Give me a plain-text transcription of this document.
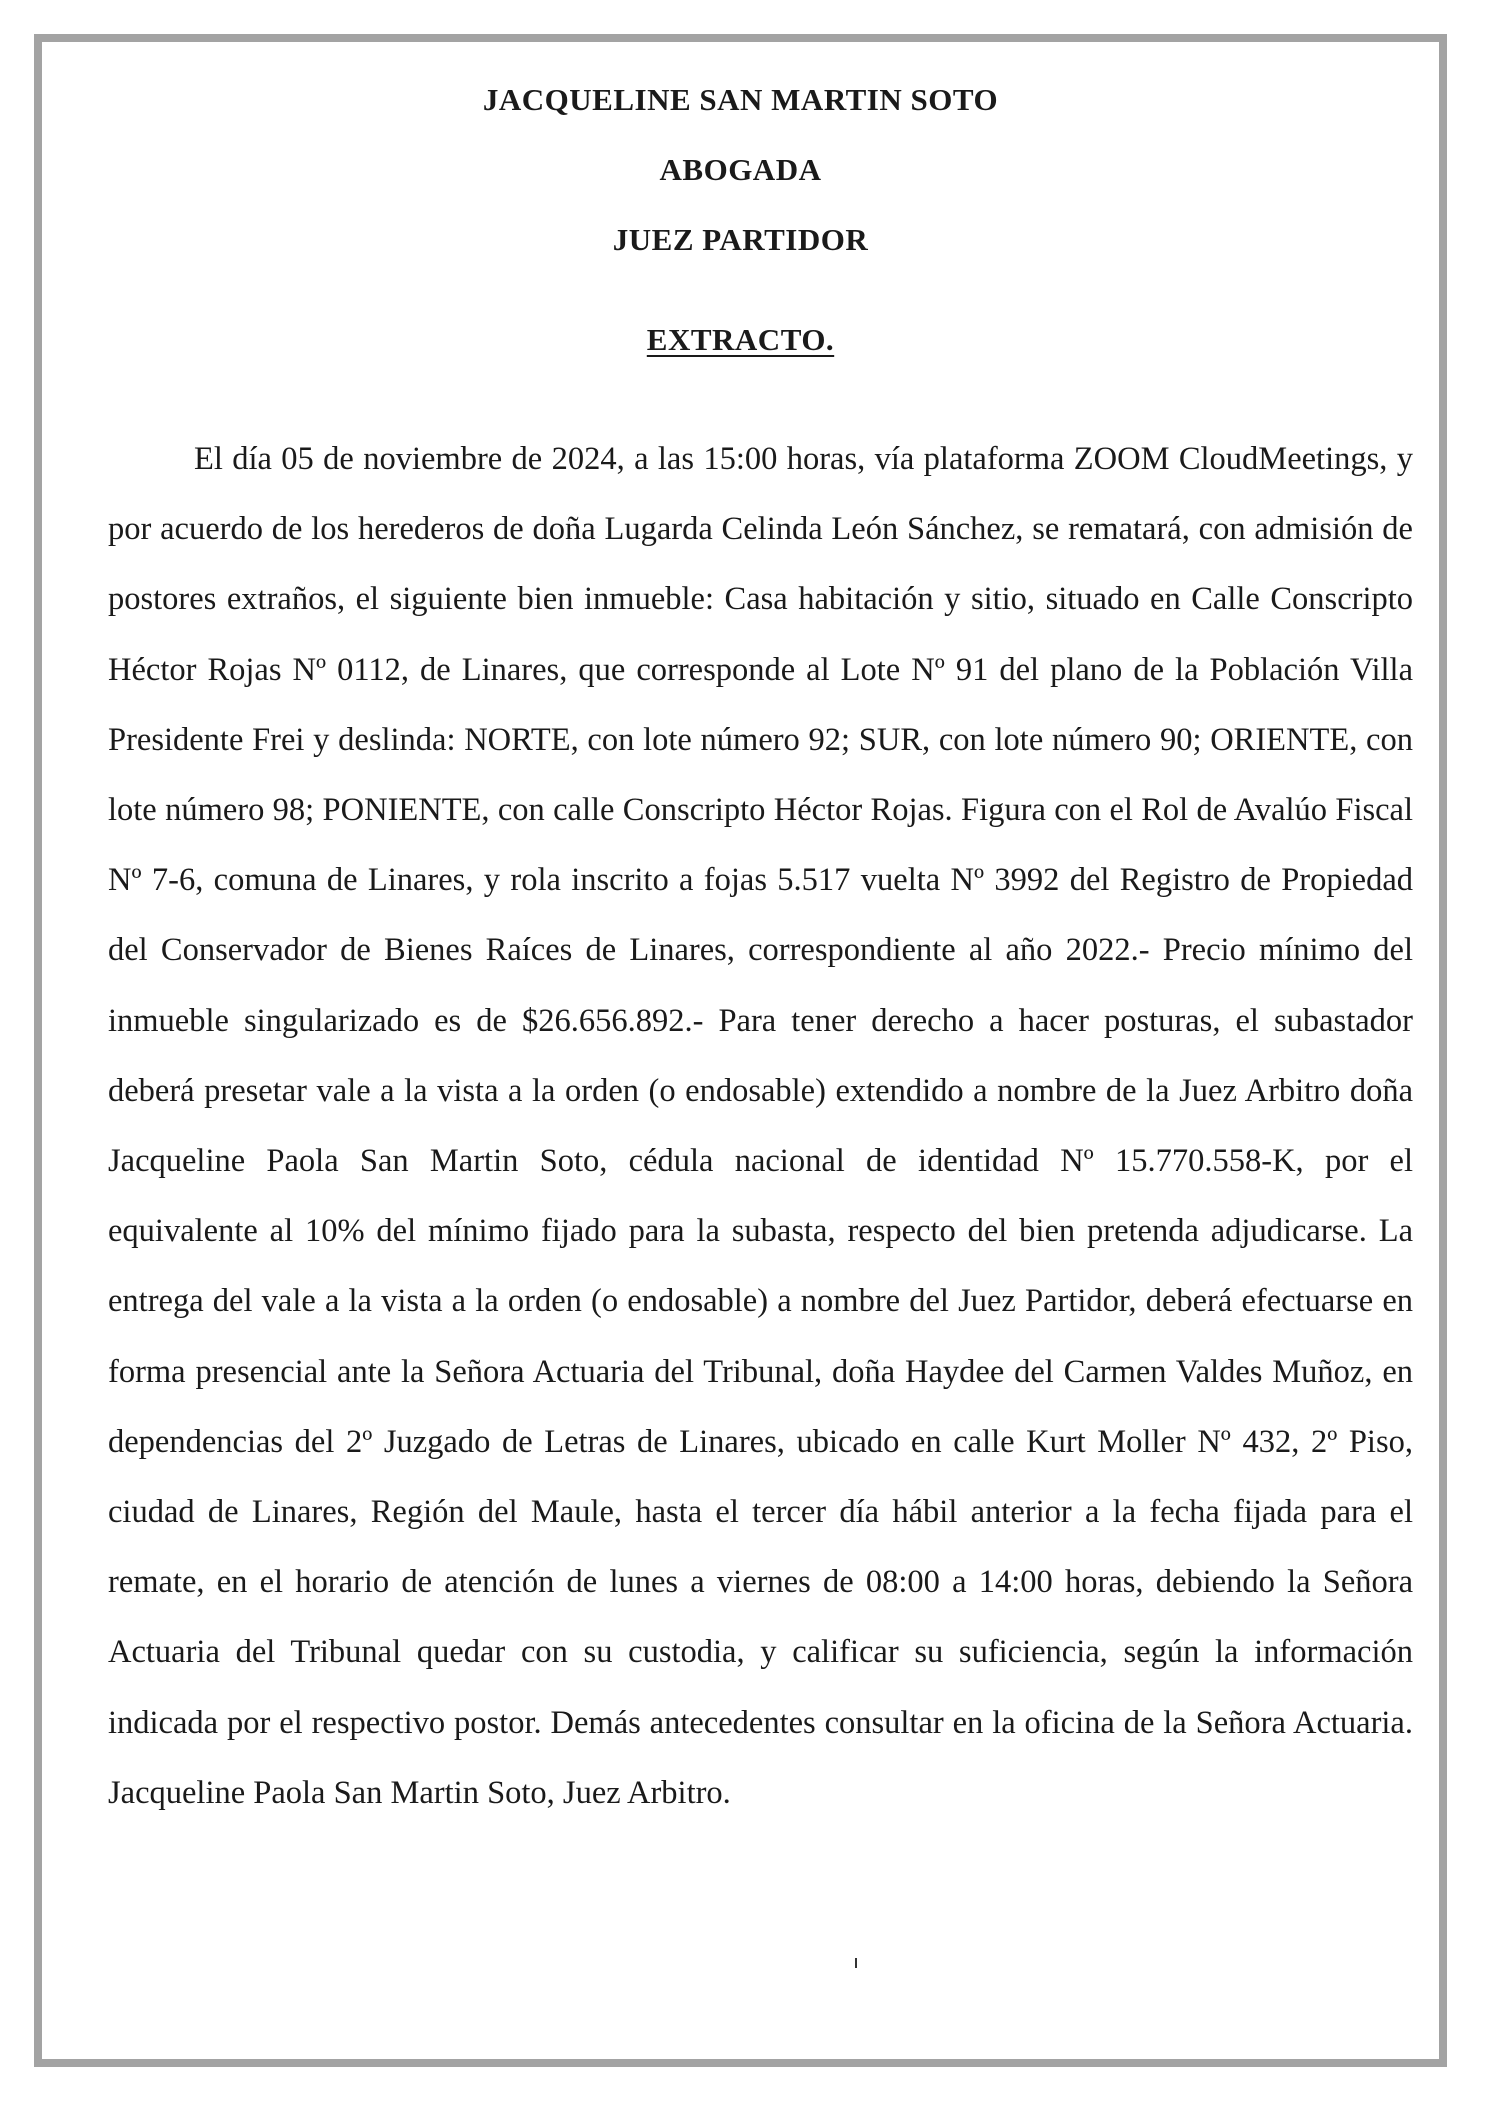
JACQUELINE SAN MARTIN SOTO

ABOGADA

JUEZ PARTIDOR

EXTRACTO.

El día 05 de noviembre de 2024, a las 15:00 horas, vía plataforma ZOOM CloudMeetings, y por acuerdo de los herederos de doña Lugarda Celinda León Sánchez, se rematará, con admisión de postores extraños, el siguiente bien inmueble: Casa habitación y sitio, situado en Calle Conscripto Héctor Rojas Nº 0112, de Linares, que corresponde al Lote Nº 91 del plano de la Población Villa Presidente Frei y deslinda: NORTE, con lote número 92; SUR, con lote número 90; ORIENTE, con lote número 98; PONIENTE, con calle Conscripto Héctor Rojas. Figura con el Rol de Avalúo Fiscal Nº 7-6, comuna de Linares, y rola inscrito a fojas 5.517 vuelta Nº 3992 del Registro de Propiedad del Conservador de Bienes Raíces de Linares, correspondiente al año 2022.- Precio mínimo del inmueble singularizado es de $26.656.892.- Para tener derecho a hacer posturas, el subastador deberá presetar vale a la vista a la orden (o endosable) extendido a nombre de la Juez Arbitro doña Jacqueline Paola San Martin Soto, cédula nacional de identidad Nº 15.770.558-K, por el equivalente al 10% del mínimo fijado para la subasta, respecto del bien pretenda adjudicarse. La entrega del vale a la vista a la orden (o endosable) a nombre del Juez Partidor, deberá efectuarse en forma presencial ante la Señora Actuaria del Tribunal, doña Haydee del Carmen Valdes Muñoz, en dependencias del 2º Juzgado de Letras de Linares, ubicado en calle Kurt Moller Nº 432, 2º Piso, ciudad de Linares, Región del Maule, hasta el tercer día hábil anterior a la fecha fijada para el remate, en el horario de atención de lunes a viernes de 08:00 a 14:00 horas, debiendo la Señora Actuaria del Tribunal quedar con su custodia, y calificar su suficiencia, según la información indicada por el respectivo postor. Demás antecedentes consultar en la oficina de la Señora Actuaria. Jacqueline Paola San Martin Soto, Juez Arbitro.
